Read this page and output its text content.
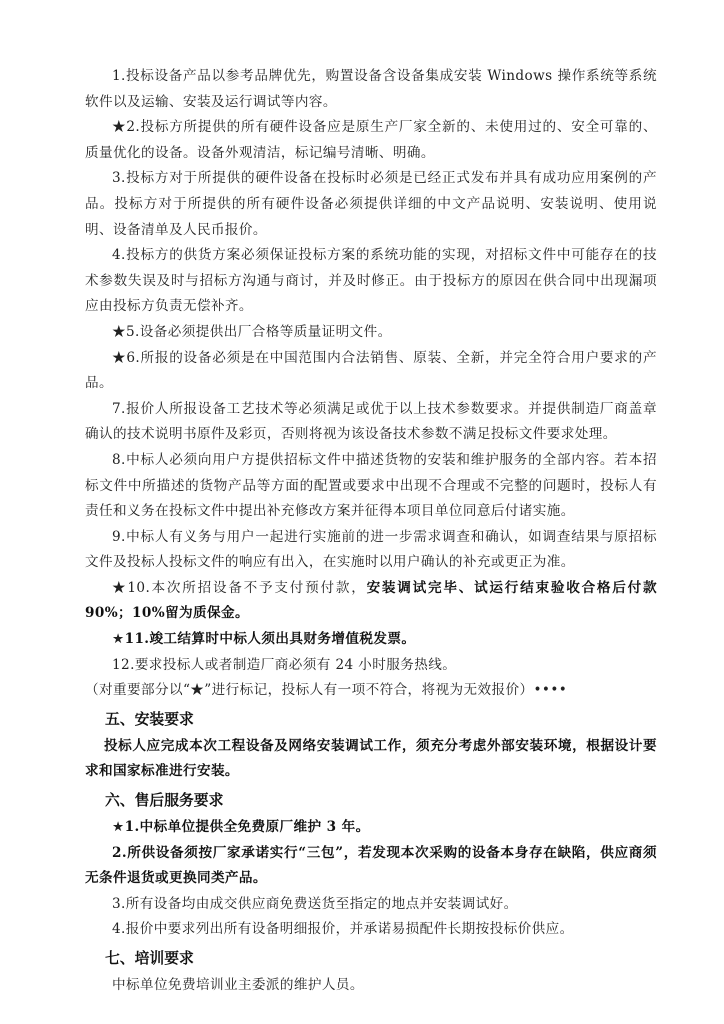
1.投标设备产品以参考品牌优先，购置设备含设备集成安装 Windows 操作系统等系统软件以及运输、安装及运行调试等内容。

★2.投标方所提供的所有硬件设备应是原生产厂家全新的、未使用过的、安全可靠的、质量优化的设备。设备外观清洁，标记编号清晰、明确。

3.投标方对于所提供的硬件设备在投标时必须是已经正式发布并具有成功应用案例的产品。投标方对于所提供的所有硬件设备必须提供详细的中文产品说明、安装说明、使用说明、设备清单及人民币报价。

4.投标方的供货方案必须保证投标方案的系统功能的实现，对招标文件中可能存在的技术参数失误及时与招标方沟通与商讨，并及时修正。由于投标方的原因在供合同中出现漏项应由投标方负责无偿补齐。

★5.设备必须提供出厂合格等质量证明文件。

★6.所报的设备必须是在中国范围内合法销售、原装、全新，并完全符合用户要求的产品。

7.报价人所报设备工艺技术等必须满足或优于以上技术参数要求。并提供制造厂商盖章确认的技术说明书原件及彩页，否则将视为该设备技术参数不满足投标文件要求处理。

8.中标人必须向用户方提供招标文件中描述货物的安装和维护服务的全部内容。若本招标文件中所描述的货物产品等方面的配置或要求中出现不合理或不完整的问题时，投标人有责任和义务在投标文件中提出补充修改方案并征得本项目单位同意后付诸实施。

9.中标人有义务与用户一起进行实施前的进一步需求调查和确认，如调查结果与原招标文件及投标人投标文件的响应有出入，在实施时以用户确认的补充或更正为准。

★10.本次所招设备不予支付预付款，安装调试完毕、试运行结束验收合格后付款 90%；10%留为质保金。

★11.竣工结算时中标人须出具财务增值税发票。

12.要求投标人或者制造厂商必须有 24 小时服务热线。

（对重要部分以“★”进行标记，投标人有一项不符合，将视为无效报价）••••

五、安装要求

投标人应完成本次工程设备及网络安装调试工作，须充分考虑外部安装环境，根据设计要求和国家标准进行安装。

六、售后服务要求

★1.中标单位提供全免费原厂维护 3 年。

2.所供设备须按厂家承诺实行“三包”，若发现本次采购的设备本身存在缺陷，供应商须无条件退货或更换同类产品。

3.所有设备均由成交供应商免费送货至指定的地点并安装调试好。

4.报价中要求列出所有设备明细报价，并承诺易损配件长期按投标价供应。

七、培训要求

中标单位免费培训业主委派的维护人员。
